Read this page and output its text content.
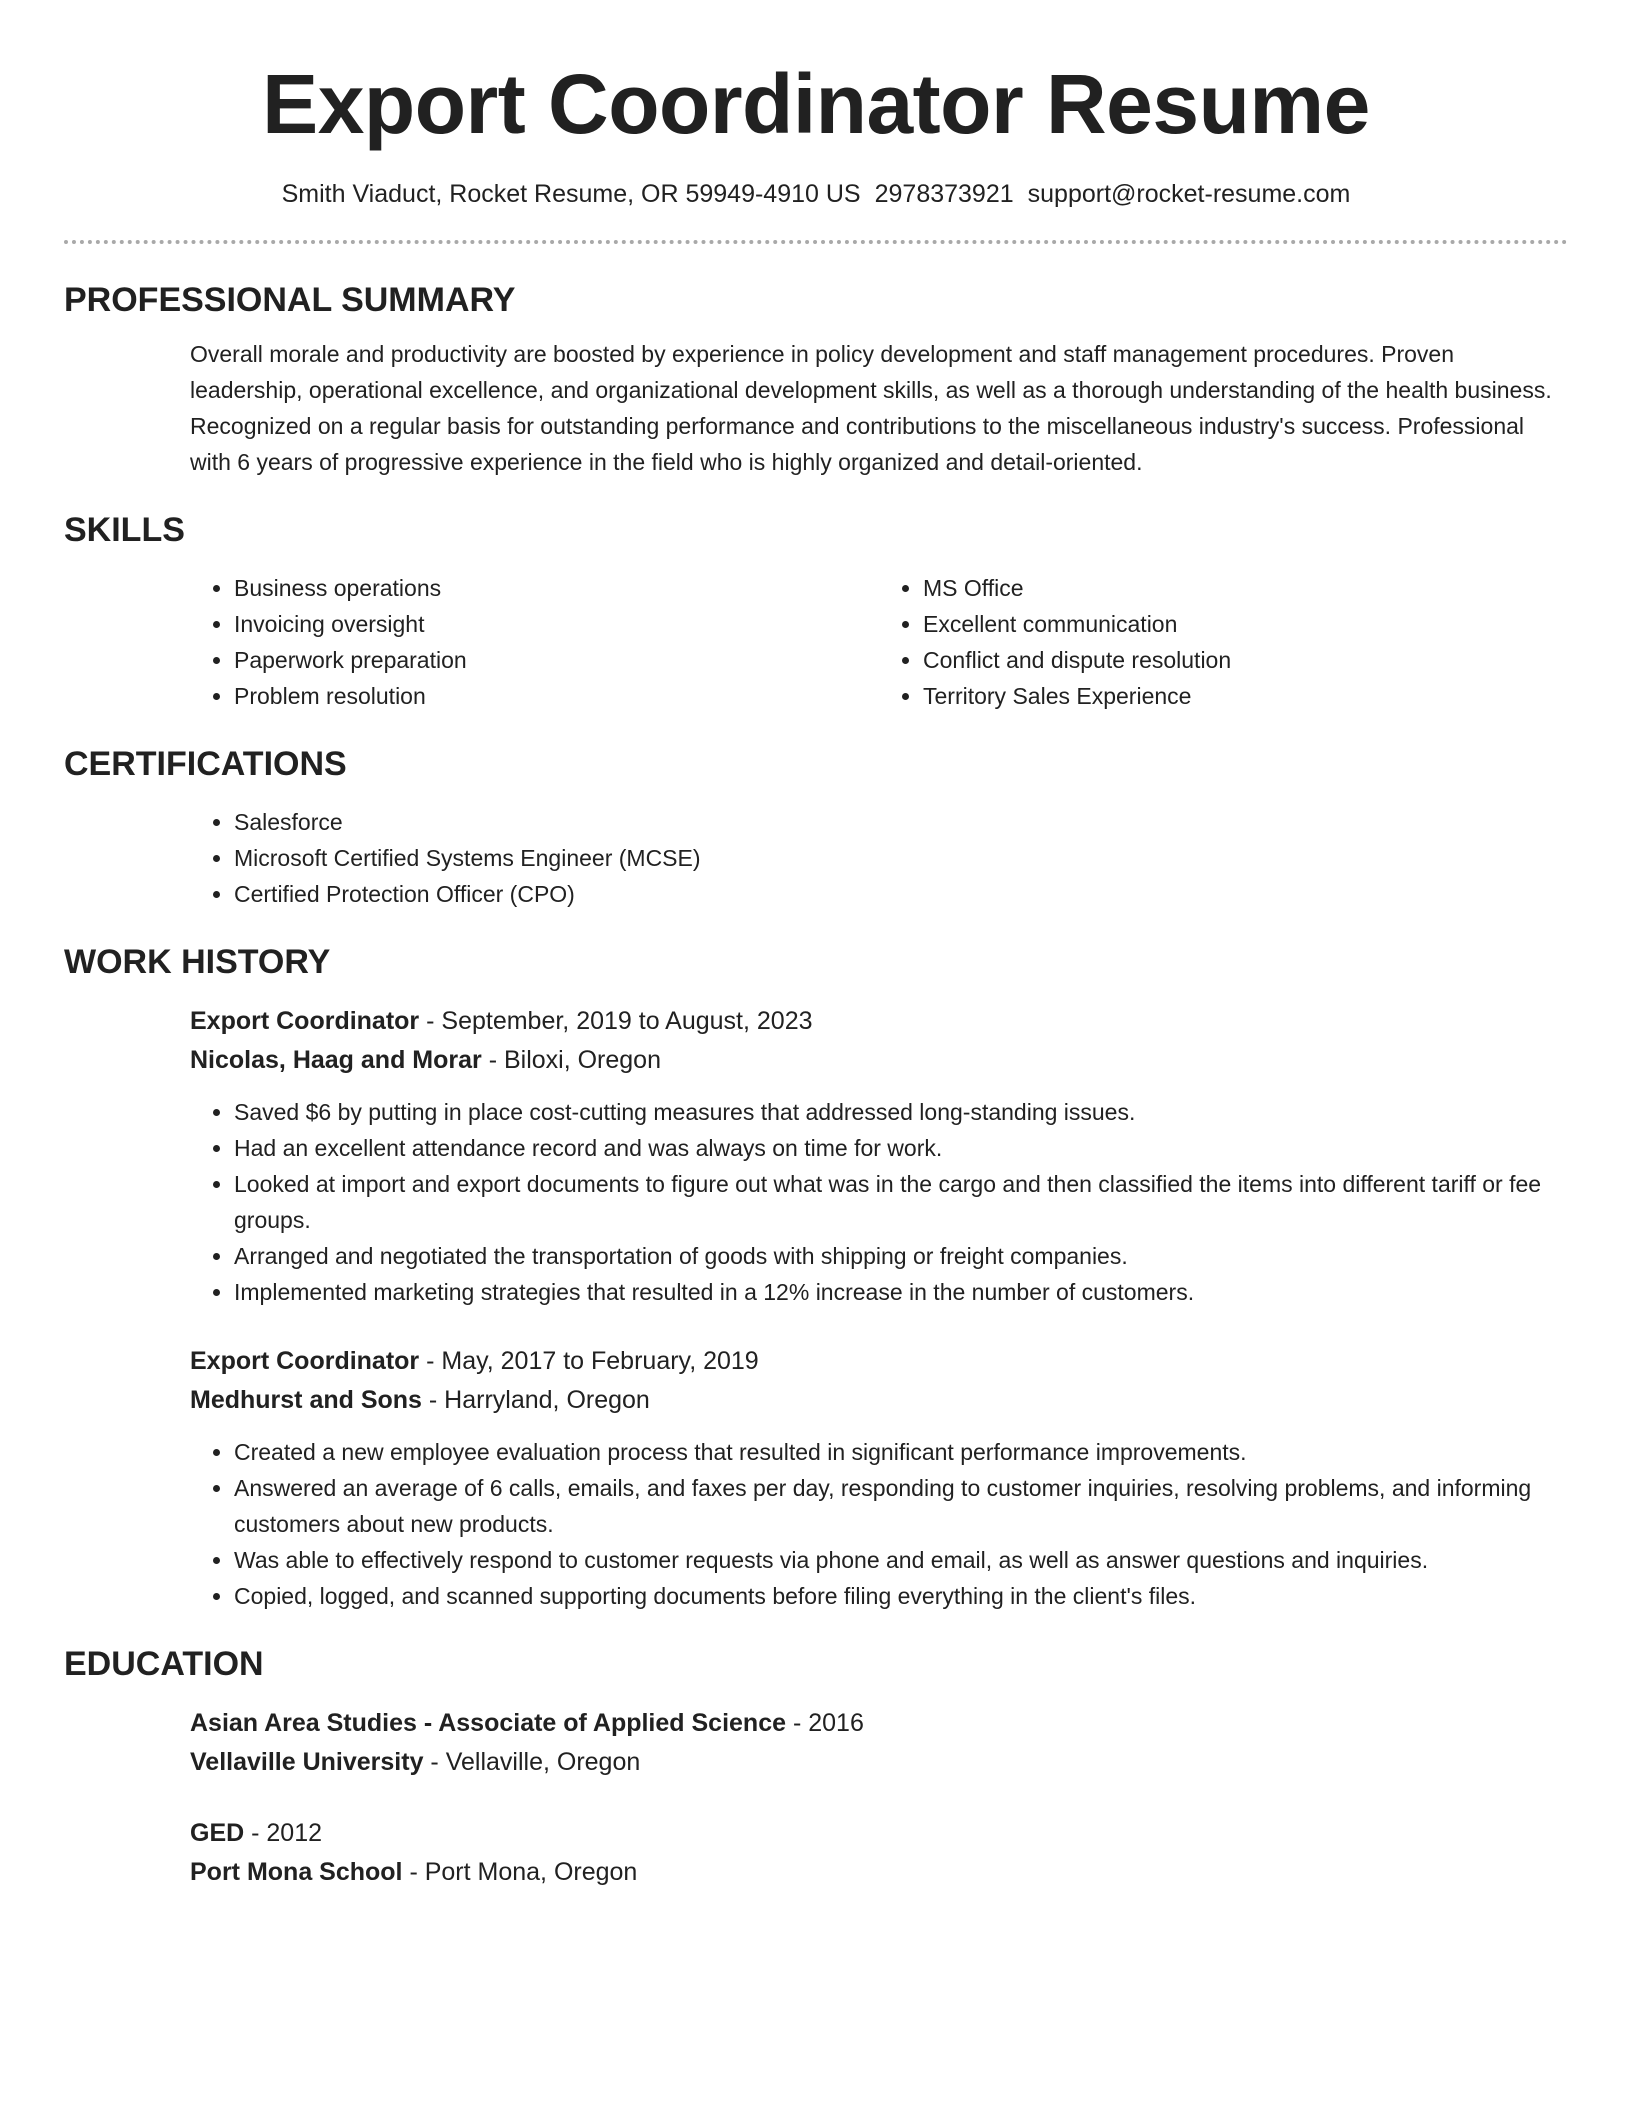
Export Coordinator Resume
Smith Viaduct, Rocket Resume, OR 59949-4910 US 2978373921 support@rocket-resume.com
PROFESSIONAL SUMMARY

Overall morale and productivity are boosted by experience in policy development and staff management procedures. Proven leadership, operational excellence, and organizational development skills, as well as a thorough understanding of the health business. Recognized on a regular basis for outstanding performance and contributions to the miscellaneous industry's success. Professional with 6 years of progressive experience in the field who is highly organized and detail-oriented.

SKILLS
• Business operations
• Invoicing oversight
• Paperwork preparation
• Problem resolution
• MS Office
• Excellent communication
• Conflict and dispute resolution
• Territory Sales Experience
CERTIFICATIONS
• Salesforce
• Microsoft Certified Systems Engineer (MCSE)
• Certified Protection Officer (CPO)
WORK HISTORY
Export Coordinator - September, 2019 to August, 2023
Nicolas, Haag and Morar - Biloxi, Oregon
• Saved $6 by putting in place cost-cutting measures that addressed long-standing issues.
• Had an excellent attendance record and was always on time for work.
• Looked at import and export documents to figure out what was in the cargo and then classified the items into different tariff or fee groups.
• Arranged and negotiated the transportation of goods with shipping or freight companies.
• Implemented marketing strategies that resulted in a 12% increase in the number of customers.
Export Coordinator - May, 2017 to February, 2019
Medhurst and Sons - Harryland, Oregon
• Created a new employee evaluation process that resulted in significant performance improvements.
• Answered an average of 6 calls, emails, and faxes per day, responding to customer inquiries, resolving problems, and informing customers about new products.
• Was able to effectively respond to customer requests via phone and email, as well as answer questions and inquiries.
• Copied, logged, and scanned supporting documents before filing everything in the client's files.
EDUCATION
Asian Area Studies - Associate of Applied Science - 2016
Vellaville University - Vellaville, Oregon
GED - 2012
Port Mona School - Port Mona, Oregon
